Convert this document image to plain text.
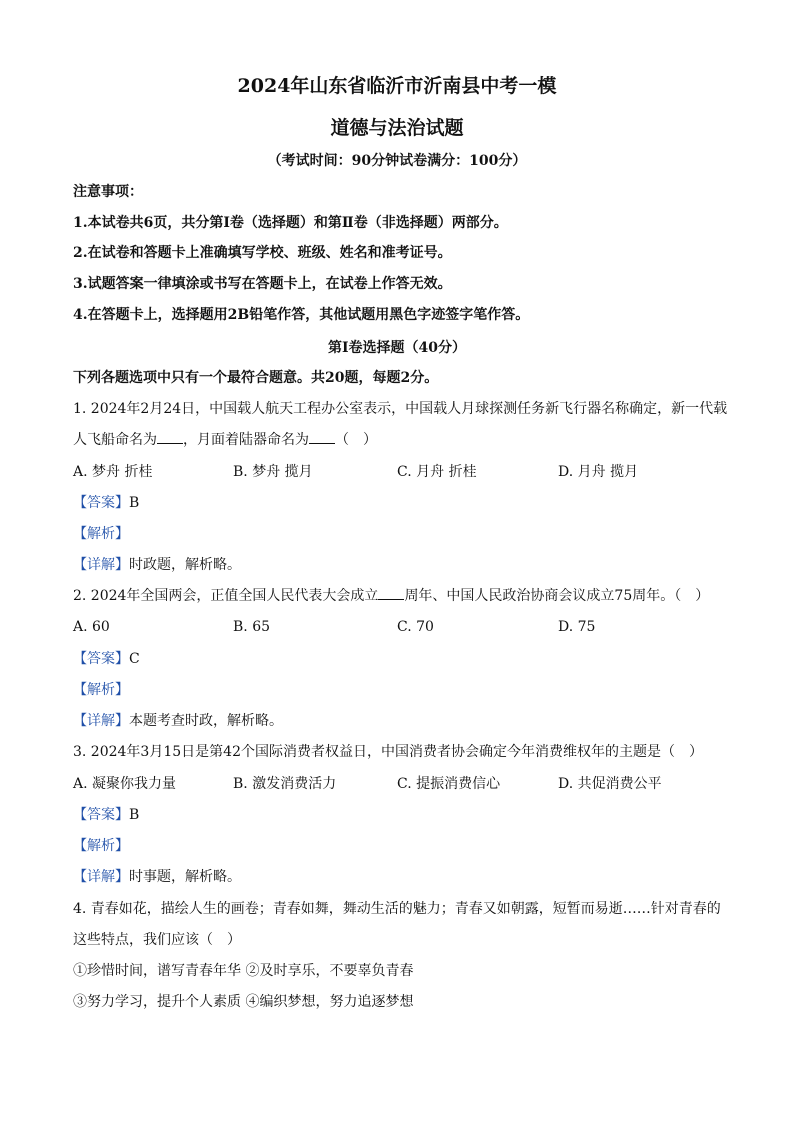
2024年山东省临沂市沂南县中考一模
道德与法治试题
（考试时间：90分钟试卷满分：100分）
注意事项：
1.本试卷共6页，共分第Ⅰ卷（选择题）和第Ⅱ卷（非选择题）两部分。
2.在试卷和答题卡上准确填写学校、班级、姓名和准考证号。
3.试题答案一律填涂或书写在答题卡上，在试卷上作答无效。
4.在答题卡上，选择题用2B铅笔作答，其他试题用黑色字迹签字笔作答。
第Ⅰ卷选择题（40分）
下列各题选项中只有一个最符合题意。共20题，每题2分。
1. 2024年2月24日，中国载人航天工程办公室表示，中国载人月球探测任务新飞行器名称确定，新一代载
人飞船命名为 ，月面着陆器命名为 （　）
A. 梦舟 折桂	B. 梦舟 揽月	C. 月舟 折桂	D. 月舟 揽月
【答案】B
【解析】
【详解】时政题，解析略。
2. 2024年全国两会，正值全国人民代表大会成立 周年、中国人民政治协商会议成立75周年。（　）
A. 60	B. 65	C. 70	D. 75
【答案】C
【解析】
【详解】本题考查时政，解析略。
3. 2024年3月15日是第42个国际消费者权益日，中国消费者协会确定今年消费维权年的主题是（　）
A. 凝聚你我力量	B. 激发消费活力	C. 提振消费信心	D. 共促消费公平
【答案】B
【解析】
【详解】时事题，解析略。
4. 青春如花，描绘人生的画卷；青春如舞，舞动生活的魅力；青春又如朝露，短暂而易逝……针对青春的
这些特点，我们应该（　）
①珍惜时间，谱写青春年华 ②及时享乐，不要辜负青春
③努力学习，提升个人素质 ④编织梦想，努力追逐梦想
